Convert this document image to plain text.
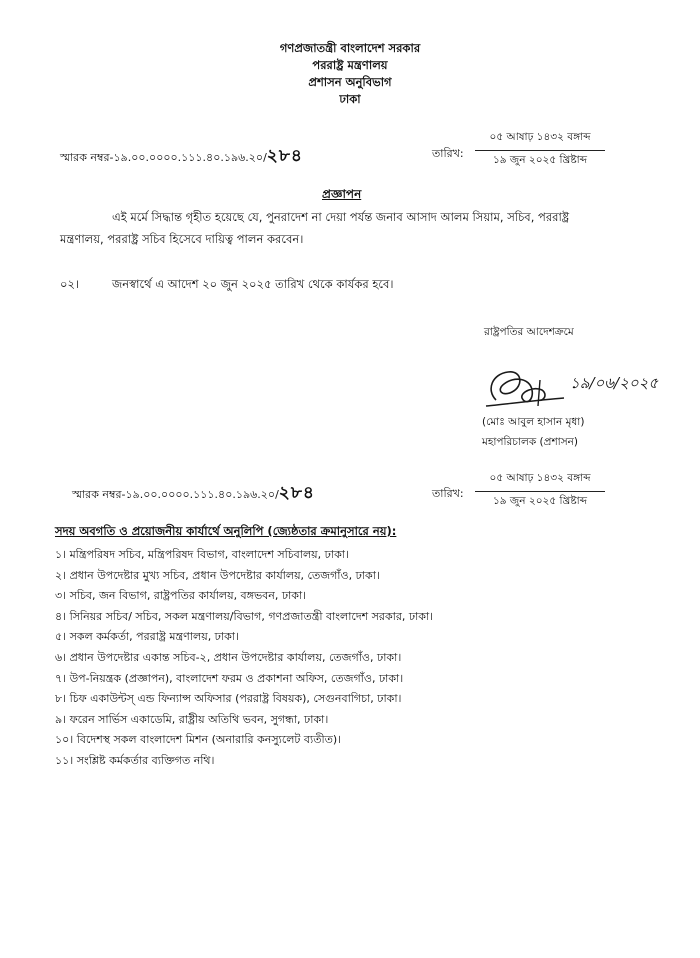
গণপ্রজাতন্ত্রী বাংলাদেশ সরকার
পররাষ্ট্র মন্ত্রণালয়
প্রশাসন অনুবিভাগ
ঢাকা
স্মারক নম্বর-১৯.০০.০০০০.১১১.৪০.১৯৬.২০/২৮৪	তারিখ:
০৫ আষাঢ় ১৪৩২ বঙ্গাব্দ
১৯ জুন ২০২৫ খ্রিষ্টাব্দ
প্রজ্ঞাপন
এই মর্মে সিদ্ধান্ত গৃহীত হয়েছে যে, পুনরাদেশ না দেয়া পর্যন্ত জনাব আসাদ আলম সিয়াম, সচিব, পররাষ্ট্র
মন্ত্রণালয়, পররাষ্ট্র সচিব হিসেবে দায়িত্ব পালন করবেন।
০২।	জনস্বার্থে এ আদেশ ২০ জুন ২০২৫ তারিখ থেকে কার্যকর হবে।
রাষ্ট্রপতির আদেশক্রমে
১৯/০৬/২০২৫
(মোঃ আবুল হাসান মৃধা)
মহাপরিচালক (প্রশাসন)
স্মারক নম্বর-১৯.০০.০০০০.১১১.৪০.১৯৬.২০/২৮৪	তারিখ:
০৫ আষাঢ় ১৪৩২ বঙ্গাব্দ
১৯ জুন ২০২৫ খ্রিষ্টাব্দ
সদয় অবগতি ও প্রয়োজনীয় কার্যার্থে অনুলিপি (জ্যেষ্ঠতার ক্রমানুসারে নয়):
১। মন্ত্রিপরিষদ সচিব, মন্ত্রিপরিষদ বিভাগ, বাংলাদেশ সচিবালয়, ঢাকা।
২। প্রধান উপদেষ্টার মুখ্য সচিব, প্রধান উপদেষ্টার কার্যালয়, তেজগাঁও, ঢাকা।
৩। সচিব, জন বিভাগ, রাষ্ট্রপতির কার্যালয়, বঙ্গভবন, ঢাকা।
৪। সিনিয়র সচিব/ সচিব, সকল মন্ত্রণালয়/বিভাগ, গণপ্রজাতন্ত্রী বাংলাদেশ সরকার, ঢাকা।
৫। সকল কর্মকর্তা, পররাষ্ট্র মন্ত্রণালয়, ঢাকা।
৬। প্রধান উপদেষ্টার একান্ত সচিব-২, প্রধান উপদেষ্টার কার্যালয়, তেজগাঁও, ঢাকা।
৭। উপ-নিয়ন্ত্রক (প্রজ্ঞাপন), বাংলাদেশ ফরম ও প্রকাশনা অফিস, তেজগাঁও, ঢাকা।
৮। চিফ একাউন্টস্ এন্ড ফিন্যান্স অফিসার (পররাষ্ট্র বিষয়ক), সেগুনবাগিচা, ঢাকা।
৯। ফরেন সার্ভিস একাডেমি, রাষ্ট্রীয় অতিথি ভবন, সুগন্ধা, ঢাকা।
১০। বিদেশস্থ সকল বাংলাদেশ মিশন (অনারারি কনস্যুলেট ব্যতীত)।
১১। সংশ্লিষ্ট কর্মকর্তার ব্যক্তিগত নথি।
